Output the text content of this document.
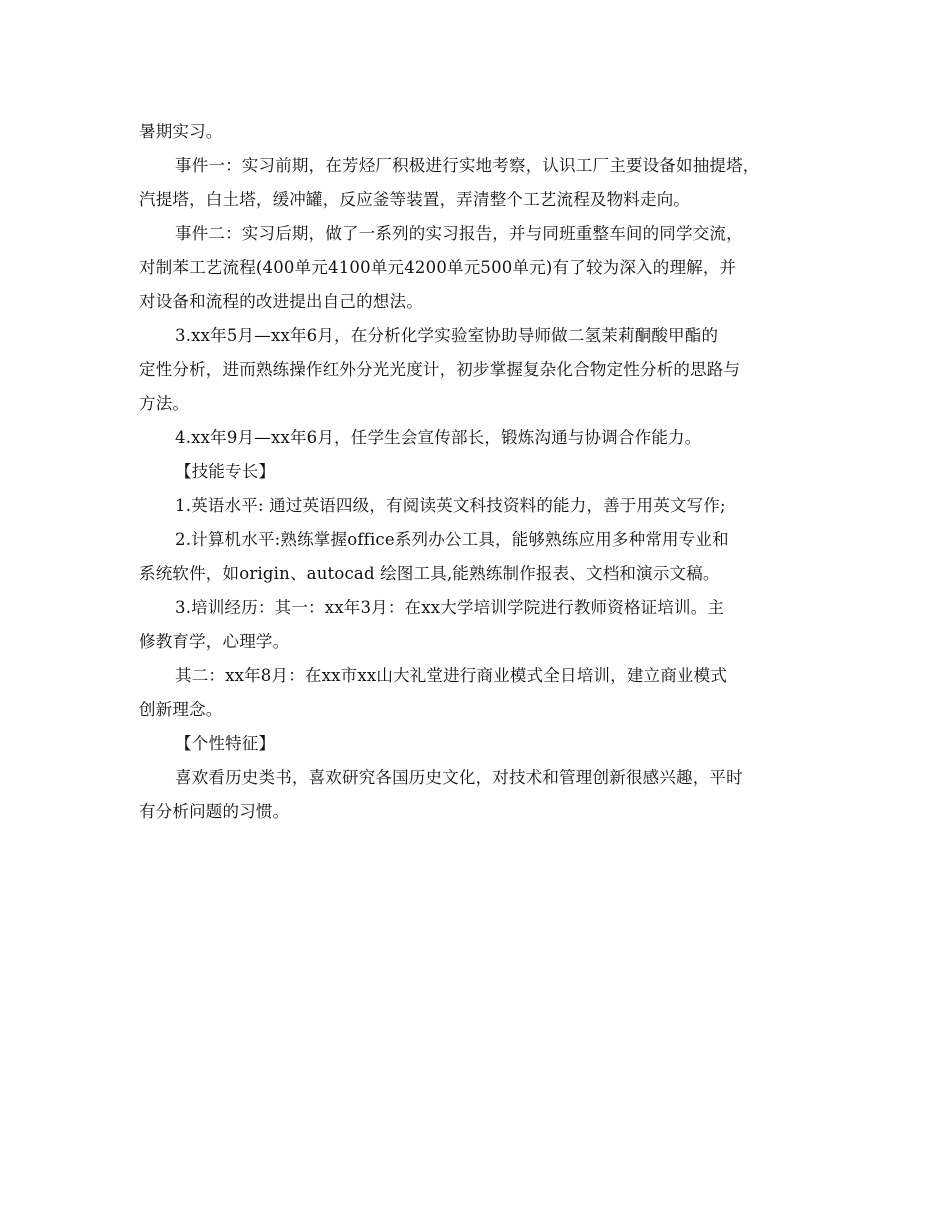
暑期实习。
事件一：实习前期，在芳烃厂积极进行实地考察，认识工厂主要设备如抽提塔，
汽提塔，白土塔，缓冲罐，反应釜等装置，弄清整个工艺流程及物料走向。
事件二：实习后期，做了一系列的实习报告，并与同班重整车间的同学交流，
对制苯工艺流程(400单元4100单元4200单元500单元)有了较为深入的理解，并
对设备和流程的改进提出自己的想法。
3.xx年5月—xx年6月，在分析化学实验室协助导师做二氢茉莉酮酸甲酯的
定性分析，进而熟练操作红外分光光度计，初步掌握复杂化合物定性分析的思路与
方法。
4.xx年9月—xx年6月，任学生会宣传部长，锻炼沟通与协调合作能力。
【技能专长】
1.英语水平: 通过英语四级，有阅读英文科技资料的能力，善于用英文写作;
2.计算机水平:熟练掌握office系列办公工具，能够熟练应用多种常用专业和
系统软件，如origin、autocad 绘图工具,能熟练制作报表、文档和演示文稿。
3.培训经历：其一：xx年3月：在xx大学培训学院进行教师资格证培训。主
修教育学，心理学。
其二：xx年8月：在xx市xx山大礼堂进行商业模式全日培训，建立商业模式
创新理念。
【个性特征】
喜欢看历史类书，喜欢研究各国历史文化，对技术和管理创新很感兴趣，平时
有分析问题的习惯。
